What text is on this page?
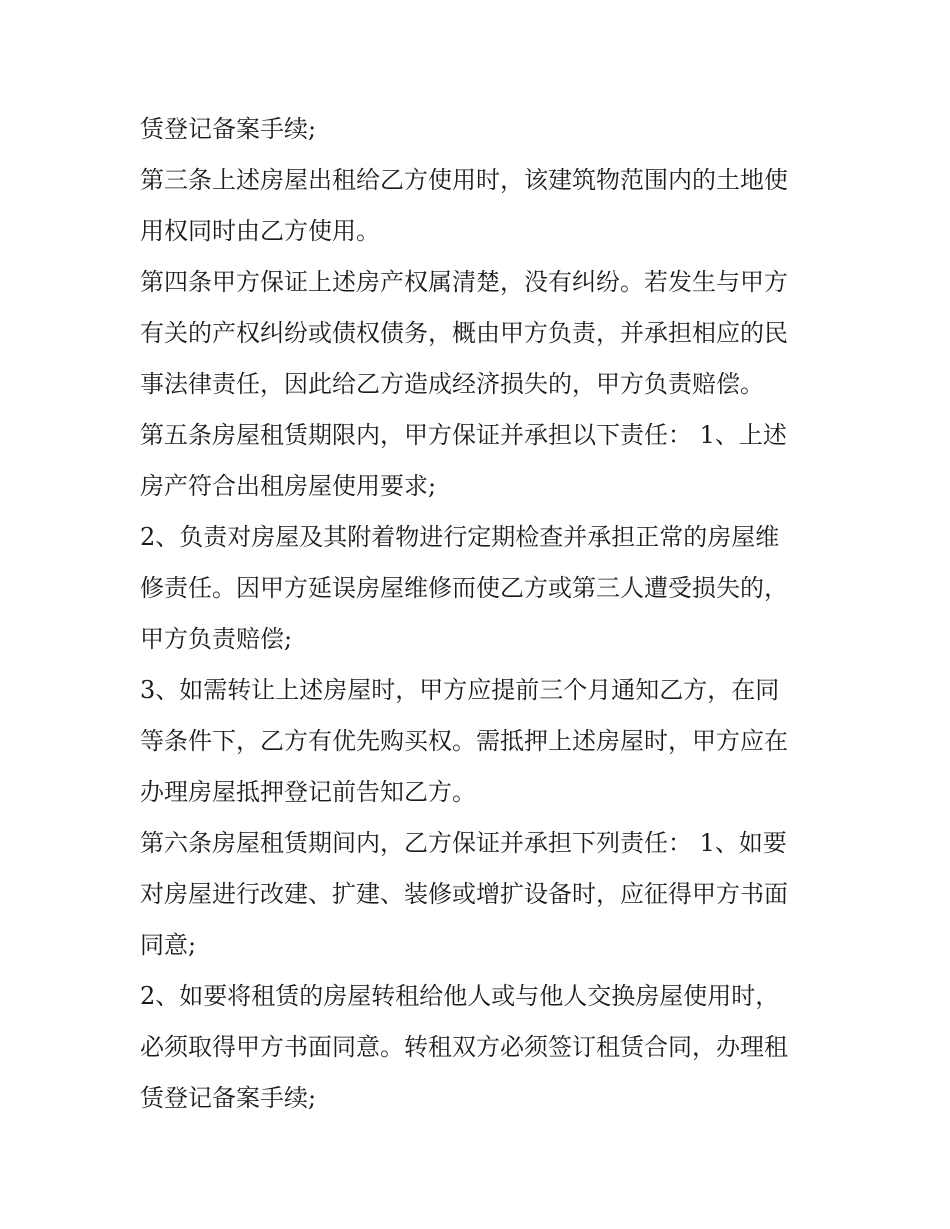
赁登记备案手续;
第三条上述房屋出租给乙方使用时，该建筑物范围内的土地使
用权同时由乙方使用。
第四条甲方保证上述房产权属清楚，没有纠纷。若发生与甲方
有关的产权纠纷或债权债务，概由甲方负责，并承担相应的民
事法律责任，因此给乙方造成经济损失的，甲方负责赔偿。
第五条房屋租赁期限内，甲方保证并承担以下责任： 1、上述
房产符合出租房屋使用要求;
2、负责对房屋及其附着物进行定期检查并承担正常的房屋维
修责任。因甲方延误房屋维修而使乙方或第三人遭受损失的，
甲方负责赔偿;
3、如需转让上述房屋时，甲方应提前三个月通知乙方，在同
等条件下，乙方有优先购买权。需抵押上述房屋时，甲方应在
办理房屋抵押登记前告知乙方。
第六条房屋租赁期间内，乙方保证并承担下列责任： 1、如要
对房屋进行改建、扩建、装修或增扩设备时，应征得甲方书面
同意;
2、如要将租赁的房屋转租给他人或与他人交换房屋使用时，
必须取得甲方书面同意。转租双方必须签订租赁合同，办理租
赁登记备案手续;
